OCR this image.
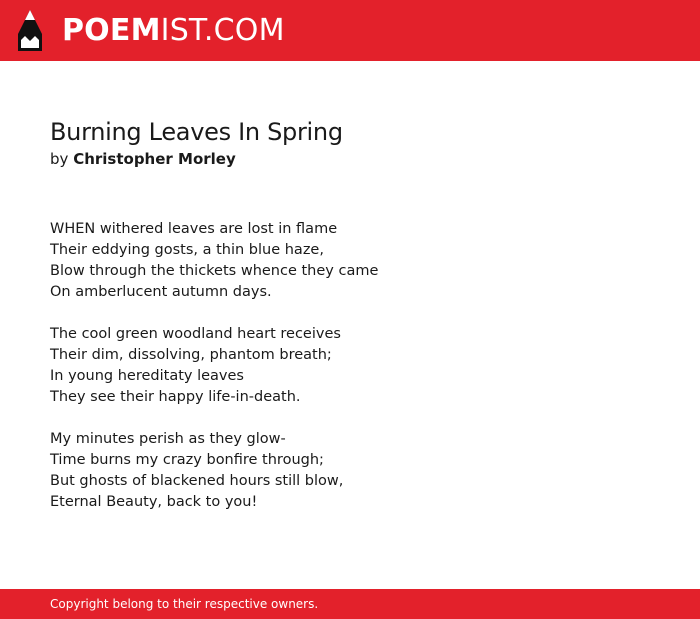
POEM IST.COM
Burning Leaves In Spring
by Christopher Morley
WHEN withered leaves are lost in flame
Their eddying gosts, a thin blue haze,
Blow through the thickets whence they came
On amberlucent autumn days.
The cool green woodland heart receives
Their dim, dissolving, phantom breath;
In young hereditaty leaves
They see their happy life-in-death.
My minutes perish as they glow-
Time burns my crazy bonfire through;
But ghosts of blackened hours still blow,
Eternal Beauty, back to you!
Copyright belong to their respective owners.
